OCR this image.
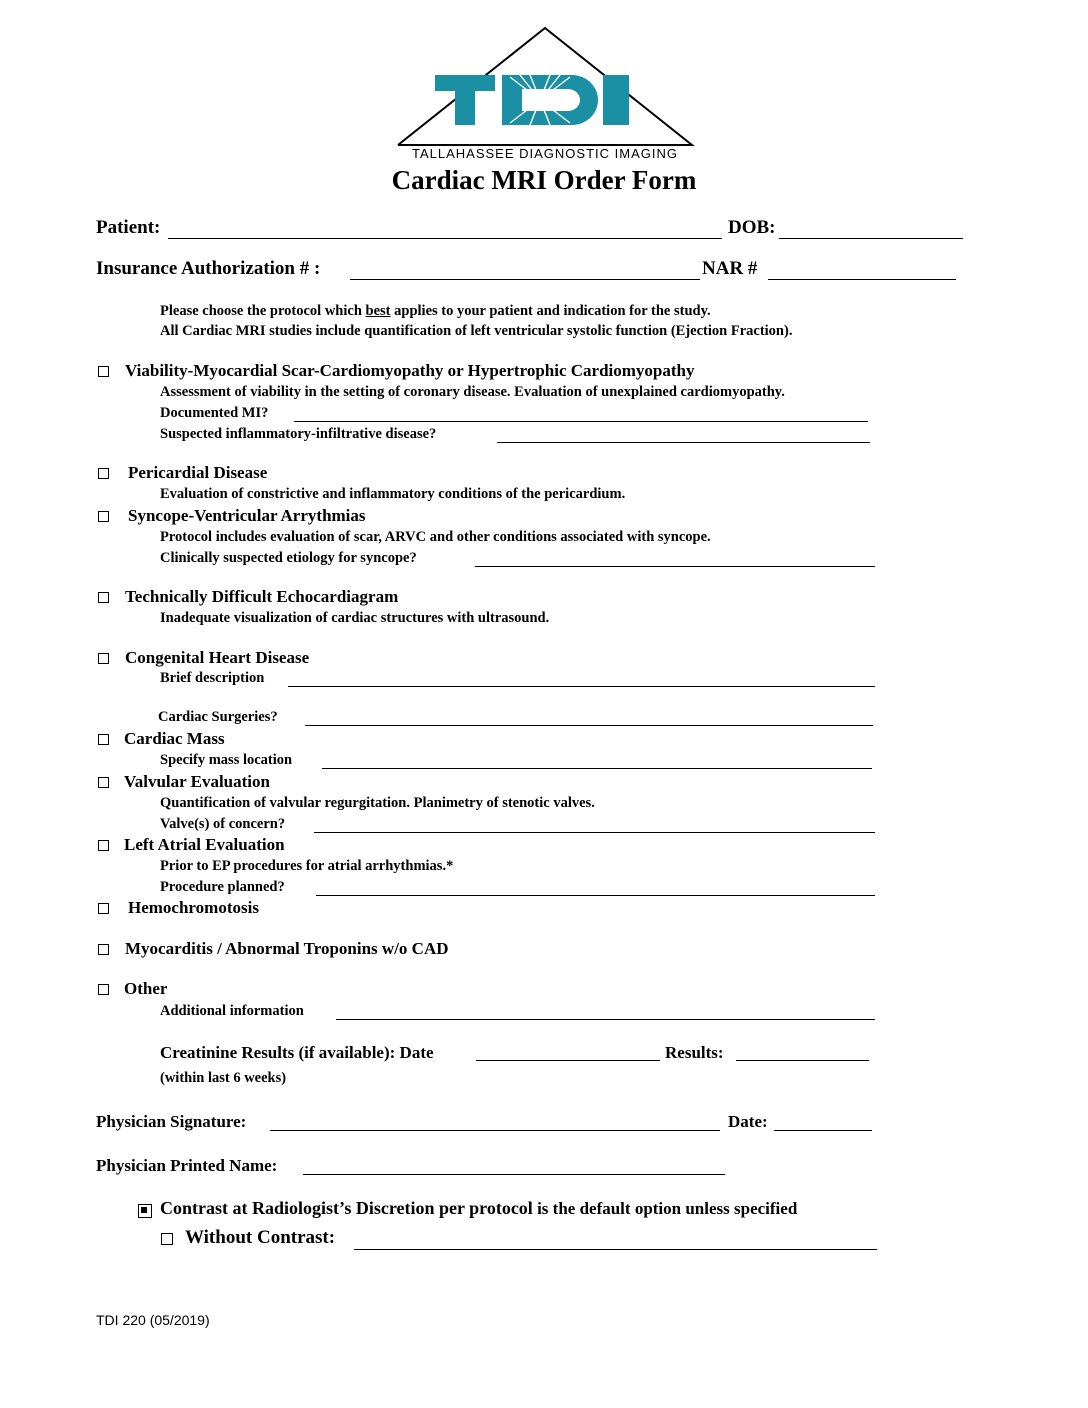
TALLAHASSEE DIAGNOSTIC IMAGING
Cardiac MRI Order Form
Patient:	DOB:
Insurance Authorization # :	NAR #
Please choose the protocol which best applies to your patient and indication for the study.
All Cardiac MRI studies include quantification of left ventricular systolic function (Ejection Fraction).
Viability-Myocardial Scar-Cardiomyopathy or Hypertrophic Cardiomyopathy
Assessment of viability in the setting of coronary disease. Evaluation of unexplained cardiomyopathy.
Documented MI?
Suspected inflammatory-infiltrative disease?
Pericardial Disease
Evaluation of constrictive and inflammatory conditions of the pericardium.
Syncope-Ventricular Arrythmias
Protocol includes evaluation of scar, ARVC and other conditions associated with syncope.
Clinically suspected etiology for syncope?
Technically Difficult Echocardiagram
Inadequate visualization of cardiac structures with ultrasound.
Congenital Heart Disease
Brief description
Cardiac Surgeries?
Cardiac Mass
Specify mass location
Valvular Evaluation
Quantification of valvular regurgitation. Planimetry of stenotic valves.
Valve(s) of concern?
Left Atrial Evaluation
Prior to EP procedures for atrial arrhythmias.*
Procedure planned?
Hemochromotosis
Myocarditis / Abnormal Troponins w/o CAD
Other
Additional information
Creatinine Results (if available): Date	Results:
(within last 6 weeks)
Physician Signature:	Date:
Physician Printed Name:
Contrast at Radiologist’s Discretion per protocol is the default option unless specified
Without Contrast:
TDI 220 (05/2019)
